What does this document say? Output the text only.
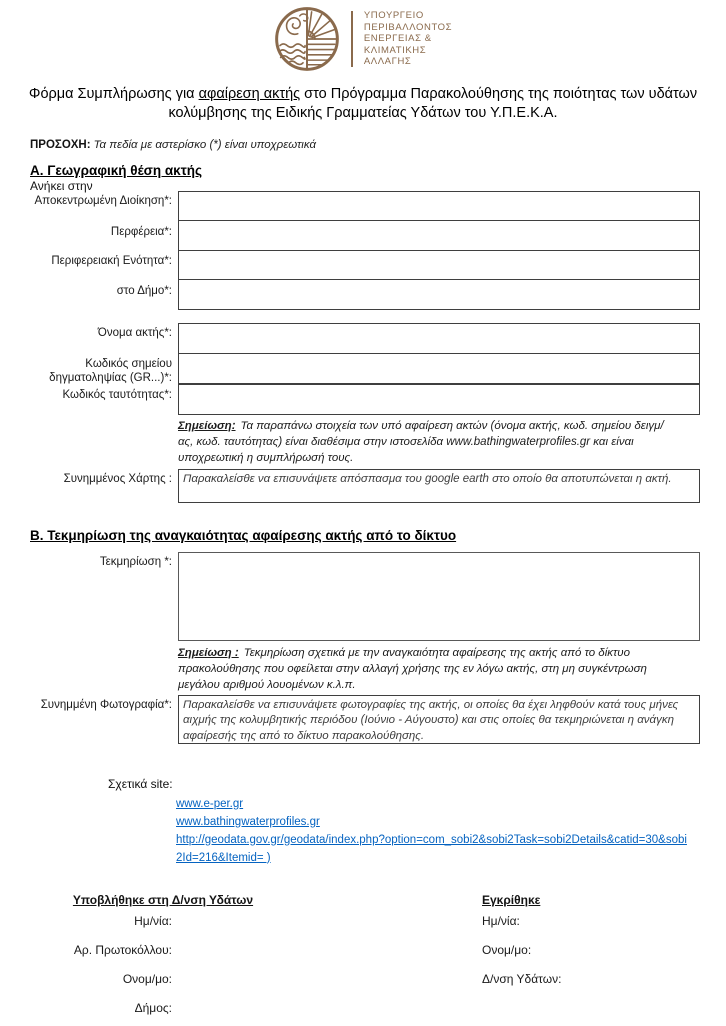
ΥΠΟΥΡΓΕΙΟ
ΠΕΡΙΒΑΛΛΟΝΤΟΣ
ΕΝΕΡΓΕΙΑΣ &
ΚΛΙΜΑΤΙΚΗΣ
ΑΛΛΑΓΗΣ
Φόρμα Συμπλήρωσης για αφαίρεση ακτής στο Πρόγραμμα Παρακολούθησης της ποιότητας των υδάτων κολύμβησης της Ειδικής Γραμματείας Υδάτων του Υ.Π.Ε.Κ.Α.
ΠΡΟΣΟΧΗ: Τα πεδία με αστερίσκο (*) είναι υποχρεωτικά
Α. Γεωγραφική θέση ακτής
Ανήκει στην
Αποκεντρωμένη Διοίκηση*:
Περφέρεια*:
Περιφερειακή Ενότητα*:
στο Δήμο*:
Όνομα ακτής*:
Κωδικός σημείου δηγματοληψίας (GR...)*:
Κωδικός ταυτότητας*:
Σημείωση: Τα παραπάνω στοιχεία των υπό αφαίρεση ακτών (όνομα ακτής, κωδ. σημείου δειγμ/ας, κωδ. ταυτότητας) είναι διαθέσιμα στην ιστοσελίδα www.bathingwaterprofiles.gr και είναι υποχρεωτική η συμπλήρωσή τους.
Συνημμένος Χάρτης : Παρακαλείσθε να επισυνάψετε απόσπασμα του google earth στο οποίο θα αποτυπώνεται η ακτή.
Β. Τεκμηρίωση της αναγκαιότητας αφαίρεσης ακτής από το δίκτυο
Τεκμηρίωση *:
Σημείωση : Τεκμηρίωση σχετικά με την αναγκαιότητα αφαίρεσης της ακτής από το δίκτυο πρακολούθησης που οφείλεται στην αλλαγή χρήσης της εν λόγω ακτής, στη μη συγκέντρωση μεγάλου αριθμού λουομένων κ.λ.π.
Συνημμένη Φωτογραφία*: Παρακαλείσθε να επισυνάψετε φωτογραφίες της ακτής, οι οποίες θα έχει ληφθούν κατά τους μήνες αιχμής της κολυμβητικής περιόδου (Ιούνιο - Αύγουστο) και στις οποίες θα τεκμηριώνεται η ανάγκη αφαίρεσής της από το δίκτυο παρακολούθησης.
Σχετικά site:
www.e-per.gr
www.bathingwaterprofiles.gr
http://geodata.gov.gr/geodata/index.php?option=com_sobi2&sobi2Task=sobi2Details&catid=30&sobi2Id=216&Itemid= )
Υποβλήθηκε στη Δ/νση Υδάτων
Ημ/νία:
Αρ. Πρωτοκόλλου:
Ονομ/μο:
Δήμος:
Εγκρίθηκε
Ημ/νία:
Ονομ/μο:
Δ/νση Υδάτων:
